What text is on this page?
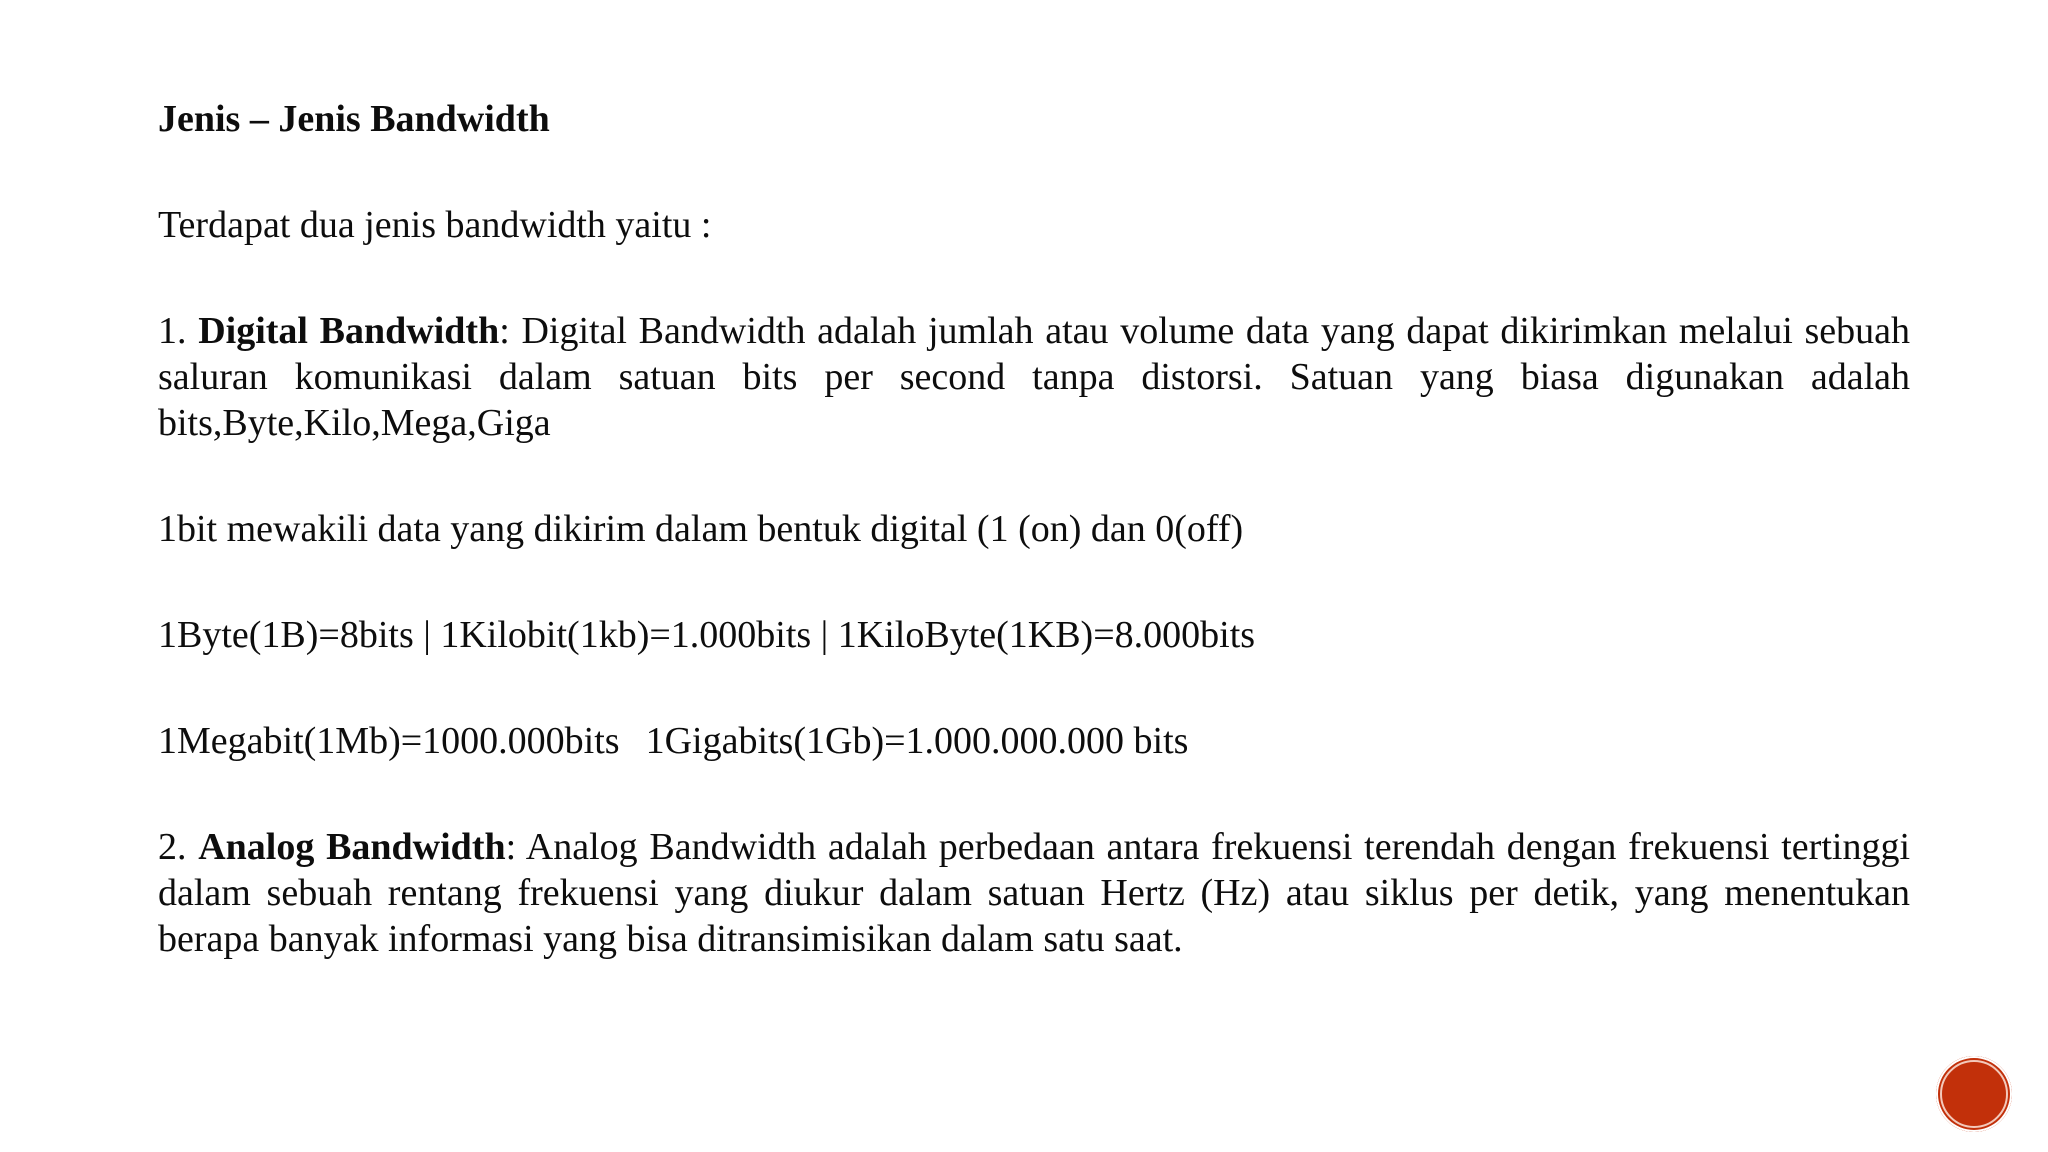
Jenis – Jenis Bandwidth

Terdapat dua jenis bandwidth yaitu :

1. Digital Bandwidth: Digital Bandwidth adalah jumlah atau volume data yang dapat dikirimkan melalui sebuah saluran komunikasi dalam satuan bits per second tanpa distorsi. Satuan yang biasa digunakan adalah bits,Byte,Kilo,Mega,Giga

1bit mewakili data yang dikirim dalam bentuk digital (1 (on) dan 0(off)

1Byte(1B)=8bits | 1Kilobit(1kb)=1.000bits | 1KiloByte(1KB)=8.000bits

1Megabit(1Mb)=1000.000bits 1Gigabits(1Gb)=1.000.000.000 bits

2. Analog Bandwidth: Analog Bandwidth adalah perbedaan antara frekuensi terendah dengan frekuensi tertinggi dalam sebuah rentang frekuensi yang diukur dalam satuan Hertz (Hz) atau siklus per detik, yang menentukan berapa banyak informasi yang bisa ditransimisikan dalam satu saat.
